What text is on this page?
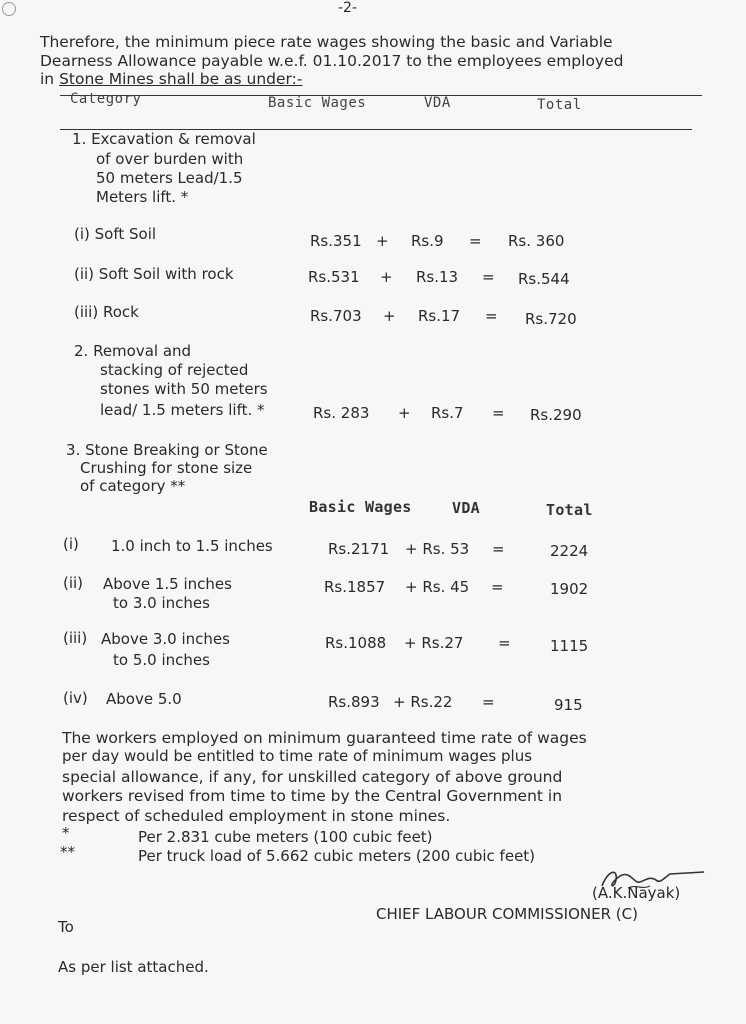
-2-
Therefore, the minimum piece rate wages showing the basic and Variable
Dearness Allowance payable w.e.f. 01.10.2017 to the employees employed
in Stone Mines shall be as under:-
Category	Basic Wages	VDA	Total
1. Excavation & removal
of over burden with
50 meters Lead/1.5
Meters lift. *
(i) Soft Soil	Rs.351 + Rs.9 = Rs. 360
(ii) Soft Soil with rock	Rs.531 + Rs.13 = Rs.544
(iii) Rock	Rs.703 + Rs.17 = Rs.720
2. Removal and
stacking of rejected
stones with 50 meters
lead/ 1.5 meters lift. *	Rs. 283 + Rs.7 = Rs.290
3. Stone Breaking or Stone
Crushing for stone size
of category **
Basic Wages	VDA	Total
(i) 1.0 inch to 1.5 inches	Rs.2171 + Rs. 53 =	2224
(ii) Above 1.5 inches
to 3.0 inches
Rs.1857 + Rs. 45 =	1902
(iii) Above 3.0 inches
to 5.0 inches
Rs.1088 + Rs.27 =	1115
(iv) Above 5.0	Rs.893 + Rs.22 =	915
The workers employed on minimum guaranteed time rate of wages
per day would be entitled to time rate of minimum wages plus
special allowance, if any, for unskilled category of above ground
workers revised from time to time by the Central Government in
respect of scheduled employment in stone mines.
*	Per 2.831 cube meters (100 cubic feet)
**	Per truck load of 5.662 cubic meters (200 cubic feet)
(A.K.Nayak)
CHIEF LABOUR COMMISSIONER (C)
To
As per list attached.
